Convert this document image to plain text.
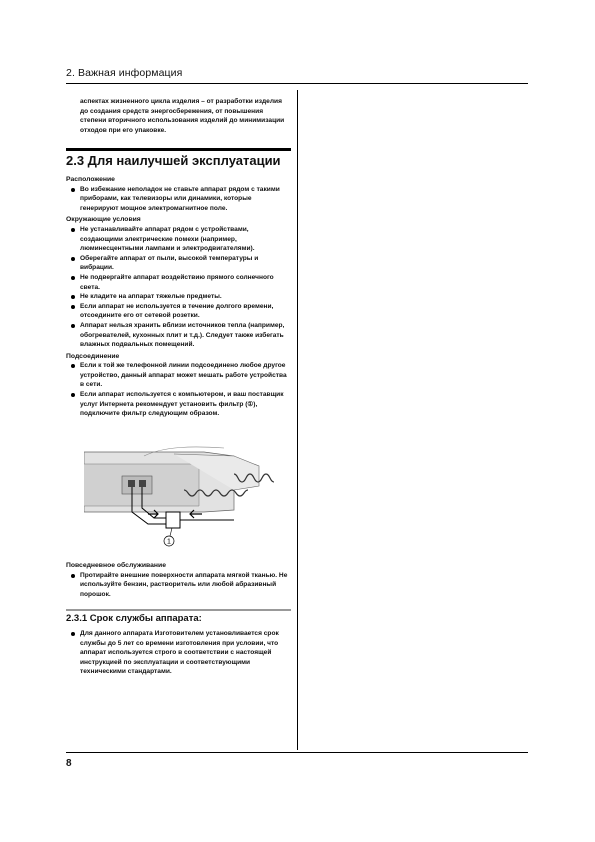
2. Важная информация
аспектах жизненного цикла изделия – от разработки изделия до создания средств энергосбережения, от повышения степени вторичного использования изделий до минимизации отходов при его упаковке.
2.3 Для наилучшей эксплуатации
Расположение
Во избежание неполадок не ставьте аппарат рядом с такими приборами, как телевизоры или динамики, которые генерируют мощное электромагнитное поле.
Окружающие условия
Не устанавливайте аппарат рядом с устройствами, создающими электрические помехи (например, люминесцентными лампами и электродвигателями).
Оберегайте аппарат от пыли, высокой температуры и вибрации.
Не подвергайте аппарат воздействию прямого солнечного света.
Не кладите на аппарат тяжелые предметы.
Если аппарат не используется в течение долгого времени, отсоедините его от сетевой розетки.
Аппарат нельзя хранить вблизи источников тепла (например, обогревателей, кухонных плит и т.д.). Следует также избегать влажных подвальных помещений.
Подсоединение
Если к той же телефонной линии подсоединено любое другое устройство, данный аппарат может мешать работе устройства в сети.
Если аппарат используется с компьютером, и ваш поставщик услуг Интернета рекомендует установить фильтр (①), подключите фильтр следующим образом.
1
Повседневное обслуживание
Протирайте внешние поверхности аппарата мягкой тканью. Не используйте бензин, растворитель или любой абразивный порошок.
2.3.1 Срок службы аппарата:
Для данного аппарата Изготовителем установливается срок службы до 5 лет со времени изготовления при условии, что аппарат используется строго в соответствии с настоящей инструкцией по эксплуатации и соответствующими техническими стандартами.
8
